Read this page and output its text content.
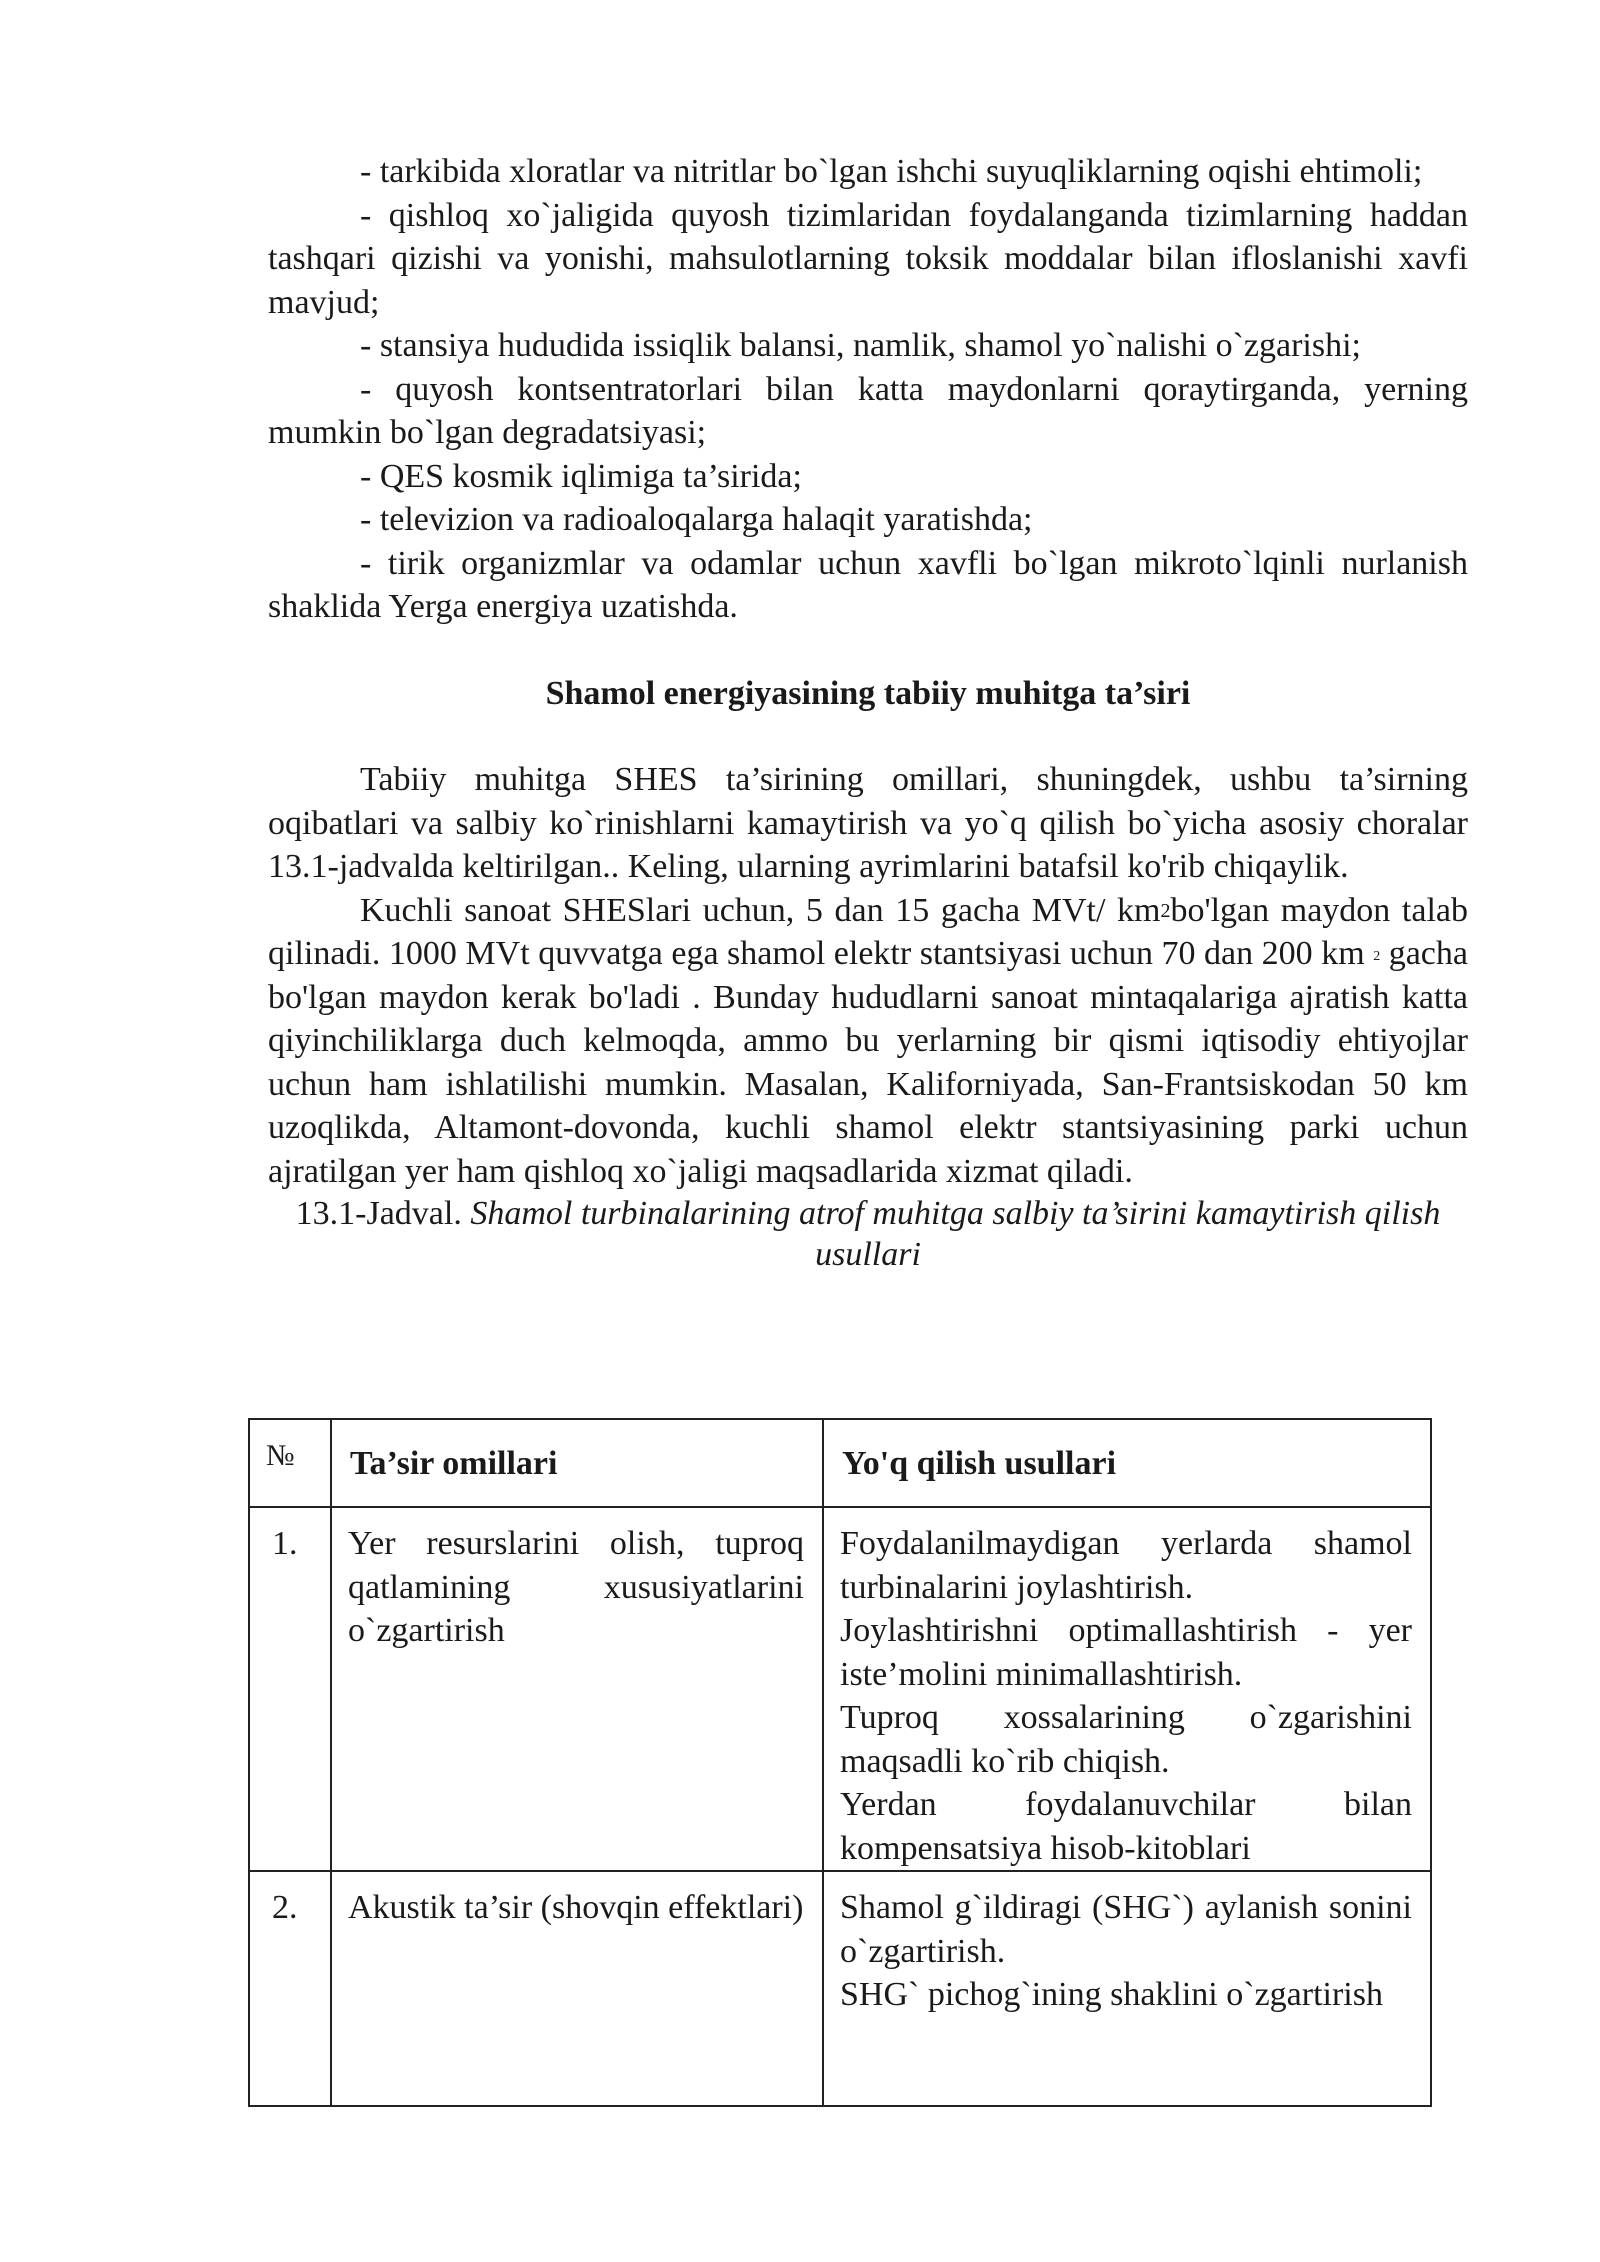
- tarkibida xloratlar va nitritlar bo`lgan ishchi suyuqliklarning oqishi ehtimoli;

- qishloq xo`jaligida quyosh tizimlaridan foydalanganda tizimlarning haddan tashqari qizishi va yonishi, mahsulotlarning toksik moddalar bilan ifloslanishi xavfi mavjud;

- stansiya hududida issiqlik balansi, namlik, shamol yo`nalishi o`zgarishi;

- quyosh kontsentratorlari bilan katta maydonlarni qoraytirganda, yerning mumkin bo`lgan degradatsiyasi;

- QES kosmik iqlimiga ta’sirida;

- televizion va radioaloqalarga halaqit yaratishda;

- tirik organizmlar va odamlar uchun xavfli bo`lgan mikroto`lqinli nurlanish shaklida Yerga energiya uzatishda.

Shamol energiyasining tabiiy muhitga ta’siri

Tabiiy muhitga SHES ta’sirining omillari, shuningdek, ushbu ta’sirning oqibatlari va salbiy ko`rinishlarni kamaytirish va yo`q qilish bo`yicha asosiy choralar 13.1-jadvalda keltirilgan.. Keling, ularning ayrimlarini batafsil ko'rib chiqaylik.

Kuchli sanoat SHESlari uchun, 5 dan 15 gacha MVt/ $km^2bo'lgan$ maydon talab qilinadi. 1000 MVt quvvatga ega shamol elektr stantsiyasi uchun 70 dan 200 km $^2$ gacha bo'lgan maydon kerak bo'ladi . Bunday hududlarni sanoat mintaqalariga ajratish katta qiyinchiliklarga duch kelmoqda, ammo bu yerlarning bir qismi iqtisodiy ehtiyojlar uchun ham ishlatilishi mumkin. Masalan, Kaliforniyada, San-Frantsiskodan 50 km uzoqlikda, Altamont-dovonda, kuchli shamol elektr stantsiyasining parki uchun ajratilgan yer ham qishloq xo`jaligi maqsadlarida xizmat qiladi.

13.1-Jadval. Shamol turbinalarining atrof muhitga salbiy ta’sirini kamaytirish qilish usullari

№	Ta’sir omillari	Yo'q qilish usullari

1.	Yer resurslarini olish, tuproq qatlamining xususiyatlarini o`zgartirish	Foydalanilmaydigan yerlarda shamol turbinalarini joylashtirish.

Joylashtirishni optimallashtirish - yer iste’molini minimallashtirish.

Tuproq xossalarining o`zgarishini maqsadli ko`rib chiqish.

Yerdan foydalanuvchilar bilan kompensatsiya hisob-kitoblari

2.	Akustik ta’sir (shovqin effektlari)	Shamol g`ildiragi (SHG`) aylanish sonini o`zgartirish.

SHG` pichog`ining shaklini o`zgartirish
